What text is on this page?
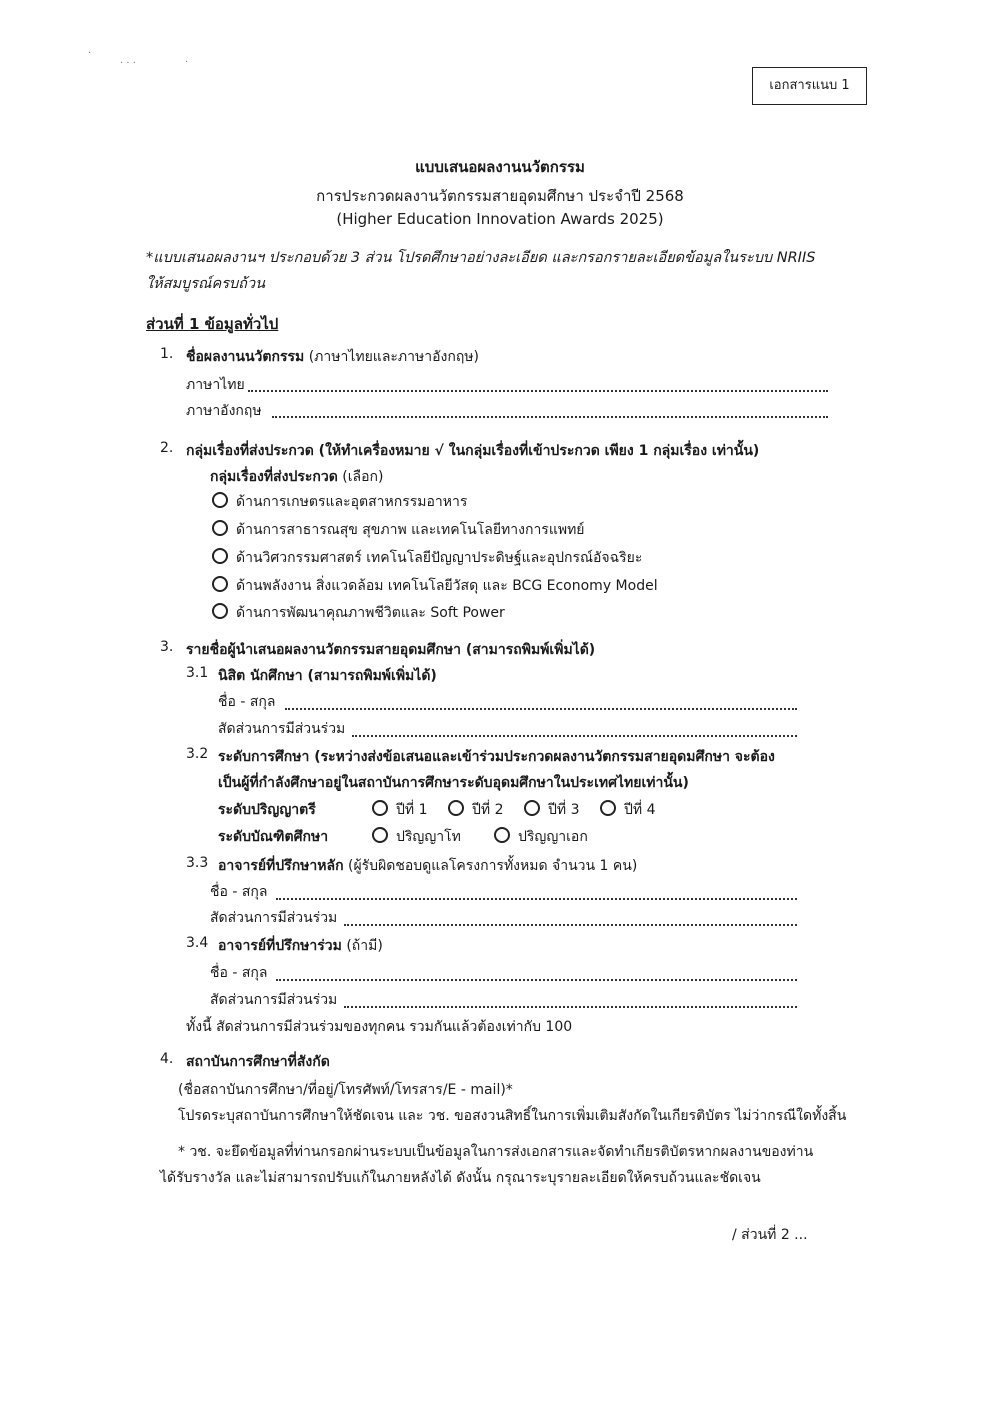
·
· · ·	·
เอกสารแนบ 1
แบบเสนอผลงานนวัตกรรม
การประกวดผลงานวัตกรรมสายอุดมศึกษา ประจำปี 2568
(Higher Education Innovation Awards 2025)
*แบบเสนอผลงานฯ ประกอบด้วย 3 ส่วน โปรดศึกษาอย่างละเอียด และกรอกรายละเอียดข้อมูลในระบบ NRIIS
ให้สมบูรณ์ครบถ้วน
ส่วนที่ 1 ข้อมูลทั่วไป
1. ชื่อผลงานนวัตกรรม (ภาษาไทยและภาษาอังกฤษ)
ภาษาไทย
ภาษาอังกฤษ
2. กลุ่มเรื่องที่ส่งประกวด (ให้ทำเครื่องหมาย √ ในกลุ่มเรื่องที่เข้าประกวด เพียง 1 กลุ่มเรื่อง เท่านั้น)
กลุ่มเรื่องที่ส่งประกวด (เลือก)
ด้านการเกษตรและอุตสาหกรรมอาหาร
ด้านการสาธารณสุข สุขภาพ และเทคโนโลยีทางการแพทย์
ด้านวิศวกรรมศาสตร์ เทคโนโลยีปัญญาประดิษฐ์และอุปกรณ์อัจฉริยะ
ด้านพลังงาน สิ่งแวดล้อม เทคโนโลยีวัสดุ และ BCG Economy Model
ด้านการพัฒนาคุณภาพชีวิตและ Soft Power
3. รายชื่อผู้นำเสนอผลงานวัตกรรมสายอุดมศึกษา (สามารถพิมพ์เพิ่มได้)
3.1 นิสิต นักศึกษา (สามารถพิมพ์เพิ่มได้)
ชื่อ - สกุล
สัดส่วนการมีส่วนร่วม
3.2 ระดับการศึกษา (ระหว่างส่งข้อเสนอและเข้าร่วมประกวดผลงานวัตกรรมสายอุดมศึกษา จะต้อง
เป็นผู้ที่กำลังศึกษาอยู่ในสถาบันการศึกษาระดับอุดมศึกษาในประเทศไทยเท่านั้น)
ระดับปริญญาตรี	ปีที่ 1	ปีที่ 2	ปีที่ 3	ปีที่ 4
ระดับบัณฑิตศึกษา	ปริญญาโท	ปริญญาเอก
3.3 อาจารย์ที่ปรึกษาหลัก (ผู้รับผิดชอบดูแลโครงการทั้งหมด จำนวน 1 คน)
ชื่อ - สกุล
สัดส่วนการมีส่วนร่วม
3.4 อาจารย์ที่ปรึกษาร่วม (ถ้ามี)
ชื่อ - สกุล
สัดส่วนการมีส่วนร่วม
ทั้งนี้ สัดส่วนการมีส่วนร่วมของทุกคน รวมกันแล้วต้องเท่ากับ 100
4. สถาบันการศึกษาที่สังกัด
(ชื่อสถาบันการศึกษา/ที่อยู่/โทรศัพท์/โทรสาร/E - mail)*
โปรดระบุสถาบันการศึกษาให้ชัดเจน และ วช. ขอสงวนสิทธิ์ในการเพิ่มเติมสังกัดในเกียรติบัตร ไม่ว่ากรณีใดทั้งสิ้น
* วช. จะยึดข้อมูลที่ท่านกรอกผ่านระบบเป็นข้อมูลในการส่งเอกสารและจัดทำเกียรติบัตรหากผลงานของท่าน
ได้รับรางวัล และไม่สามารถปรับแก้ในภายหลังได้ ดังนั้น กรุณาระบุรายละเอียดให้ครบถ้วนและชัดเจน
/ ส่วนที่ 2 ...
